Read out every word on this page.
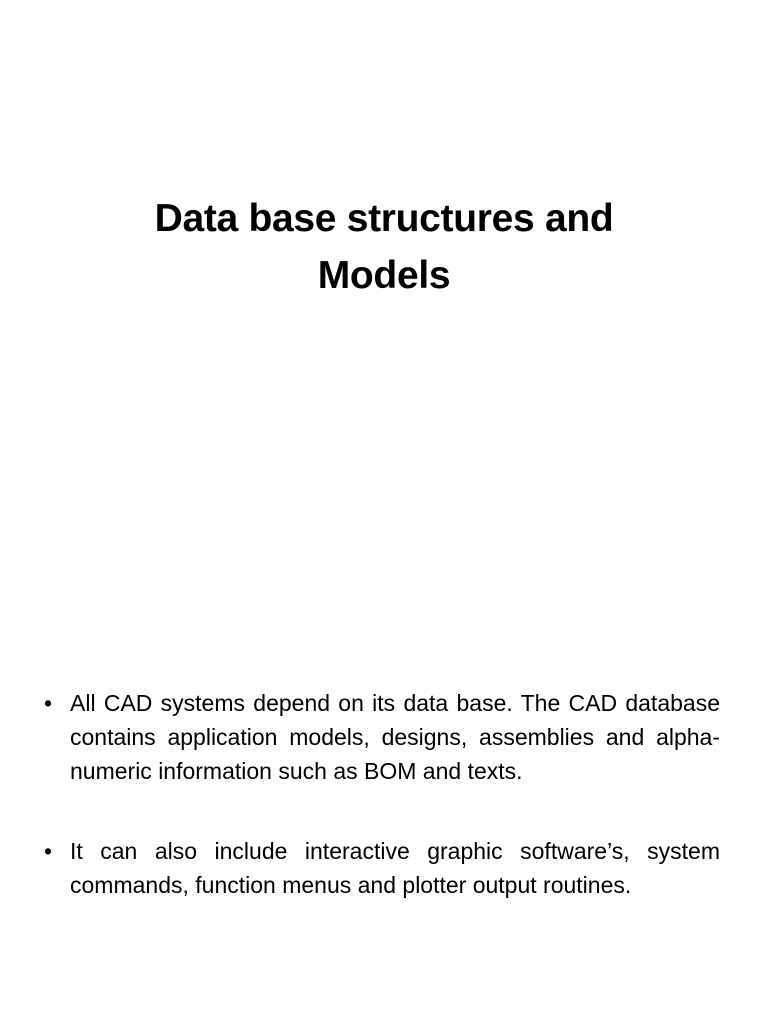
Data base structures and
Models
• All CAD systems depend on its data base. The CAD database contains application models, designs, assemblies and alpha-numeric information such as BOM and texts.
• It can also include interactive graphic software’s, system commands, function menus and plotter output routines.
